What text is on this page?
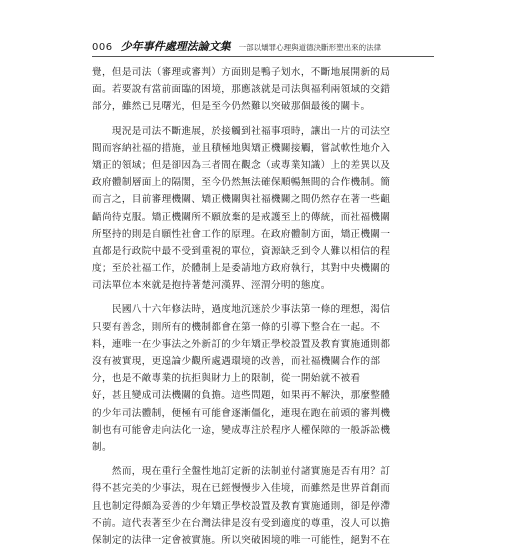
006 少年事件處理法論文集 一部以矯罪心理與道德決斷形塑出來的法律
覺，但是司法（審理或審判）方面則是鴨子划水，不斷地展開新的局
面。若要說有當前面臨的困境，那應該就是司法與福利兩領域的交錯
部分，雖然已見曙光，但是至今仍然難以突破那個最後的關卡。
　　現況是司法不斷進展，於接觸到社福事項時，讓出一片的司法空
間而容納社福的措施，並且積極地與矯正機關接觸，嘗試軟性地介入
矯正的領域；但是卻因為三者間在觀念（或專業知識）上的差異以及
政府體制層面上的隔閡，至今仍然無法確保順暢無間的合作機制。簡
而言之，目前審理機關、矯正機關與社福機關之間仍然存在著一些齟
齬尚待克服。矯正機關所不願放棄的是戒護至上的傳統，而社福機關
所堅持的則是自願性社會工作的原理。在政府體制方面，矯正機關一
直都是行政院中最不受到重視的單位，資源缺乏到令人難以相信的程
度；至於社福工作，於體制上是委請地方政府執行，其對中央機關的
司法單位本來就是抱持著楚河漢界、涇渭分明的態度。
　　民國八十六年修法時，過度地沉迷於少事法第一條的理想，渴信
只要有善念，則所有的機制都會在第一條的引導下整合在一起。不
料，連唯一在少事法之外新訂的少年矯正學校設置及教育實施通則都
沒有被實現，更遑論少觀所處遇環境的改善，而社福機關合作的部
分，也是不敵專業的抗拒與財力上的限制，從一開始就不被看
好，甚且變成司法機關的負擔。這些問題，如果再不解決，那麼整體
的少年司法體制，便極有可能會逐漸僵化，連現在跑在前頭的審判機
制也有可能會走向法化一途，變成專注於程序人權保障的一般訴訟機
制。
　　然而，現在重行全盤性地訂定新的法制並付諸實施是否有用？訂
得不甚完美的少事法，現在已經慢慢步入佳境，而雖然是世界首創而
且也制定得頗為妥善的少年矯正學校設置及教育實施通則，卻是停滯
不前。這代表著至少在台灣法律是沒有受到適度的尊重，沒人可以擔
保制定的法律一定會被實施。所以突破困境的唯一可能性，絕對不在
